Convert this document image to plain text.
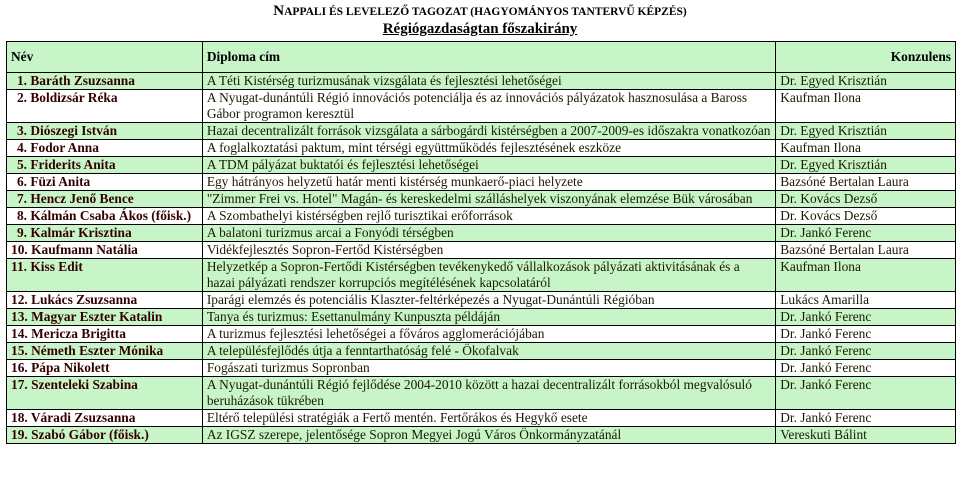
NAPPALI ÉS LEVELEZŐ TAGOZAT (HAGYOMÁNYOS TANTERVŰ KÉPZÉS)
Régiógazdaságtan főszakirány
Név	Diploma cím	Konzulens
1. Baráth Zsuzsanna	A Téti Kistérség turizmusának vizsgálata és fejlesztési lehetőségei	Dr. Egyed Krisztián
2. Boldizsár Réka	A Nyugat-dunántúli Régió innovációs potenciálja és az innovációs pályázatok hasznosulása a Baross Gábor programon keresztül	Kaufman Ilona
3. Diószegi István	Hazai decentralizált források vizsgálata a sárbogárdi kistérségben a 2007-2009-es időszakra vonatkozóan	Dr. Egyed Krisztián
4. Fodor Anna	A foglalkoztatási paktum, mint térségi együttműködés fejlesztésének eszköze	Kaufman Ilona
5. Friderits Anita	A TDM pályázat buktatói és fejlesztési lehetőségei	Dr. Egyed Krisztián
6. Füzi Anita	Egy hátrányos helyzetű határ menti kistérség munkaerő-piaci helyzete	Bazsóné Bertalan Laura
7. Hencz Jenő Bence	"Zimmer Frei vs. Hotel" Magán- és kereskedelmi szálláshelyek viszonyának elemzése Bük városában	Dr. Kovács Dezső
8. Kálmán Csaba Ákos (főisk.)	A Szombathelyi kistérségben rejlő turisztikai erőforrások	Dr. Kovács Dezső
9. Kalmár Krisztina	A balatoni turizmus arcai a Fonyódi térségben	Dr. Jankó Ferenc
10. Kaufmann Natália	Vidékfejlesztés Sopron-Fertőd Kistérségben	Bazsóné Bertalan Laura
11. Kiss Edit	Helyzetkép a Sopron-Fertődi Kistérségben tevékenykedő vállalkozások pályázati aktivitásának és a hazai pályázati rendszer korrupciós megítélésének kapcsolatáról	Kaufman Ilona
12. Lukács Zsuzsanna	Iparági elemzés és potenciális Klaszter-feltérképezés a Nyugat-Dunántúli Régióban	Lukács Amarilla
13. Magyar Eszter Katalin	Tanya és turizmus: Esettanulmány Kunpuszta példáján	Dr. Jankó Ferenc
14. Mericza Brigitta	A turizmus fejlesztési lehetőségei a főváros agglomerációjában	Dr. Jankó Ferenc
15. Németh Eszter Mónika	A településfejlődés útja a fenntarthatóság felé - Ökofalvak	Dr. Jankó Ferenc
16. Pápa Nikolett	Fogászati turizmus Sopronban	Dr. Jankó Ferenc
17. Szenteleki Szabina	A Nyugat-dunántúli Régió fejlődése 2004-2010 között a hazai decentralizált forrásokból megvalósuló beruházások tükrében	Dr. Jankó Ferenc
18. Váradi Zsuzsanna	Eltérő települési stratégiák a Fertő mentén. Fertőrákos és Hegykő esete	Dr. Jankó Ferenc
19. Szabó Gábor (főisk.)	Az IGSZ szerepe, jelentősége Sopron Megyei Jogú Város Önkormányzatánál	Vereskuti Bálint
